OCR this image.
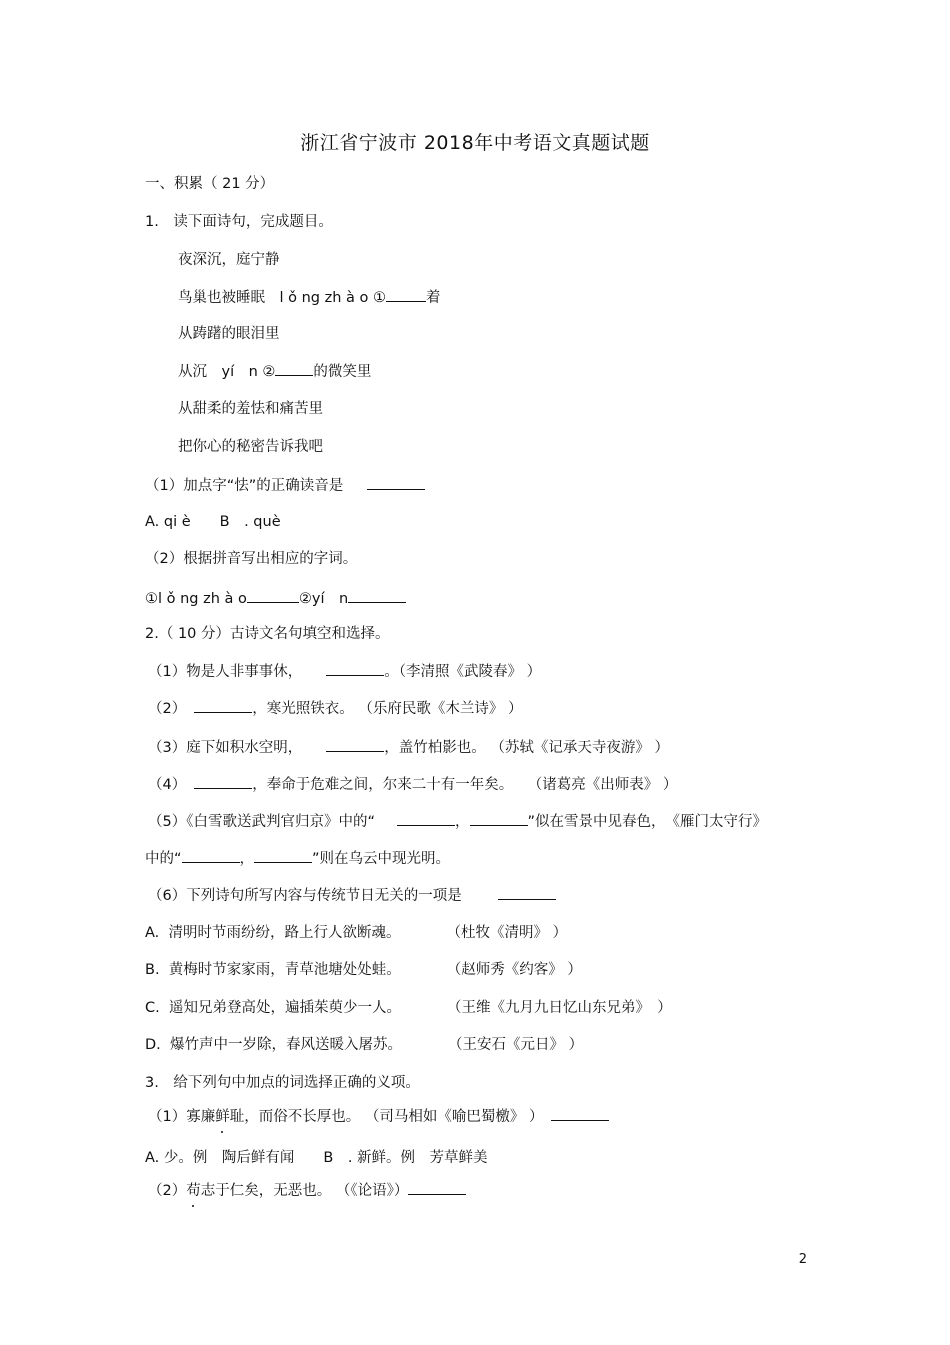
浙江省宁波市 2018年中考语文真题试题
一、积累（ 21 分）
1.　读下面诗句，完成题目。
夜深沉，庭宁静
鸟巢也被睡眠　l ǒ ng zh à o ①	着
从踌躇的眼泪里
从沉　yí　n ②	的微笑里
从甜柔的羞怯和痛苦里
把你心的秘密告诉我吧
（1）加点字“怯”的正确读音是
A. qi è　　B　. què
（2）根据拼音写出相应的字词。
①l ǒ ng zh à o	②yí　n
2.（ 10 分）古诗文名句填空和选择。
（1）物是人非事事休，	。（李清照《武陵春》 ）
（2）	，寒光照铁衣。 （乐府民歌《木兰诗》 ）
（3）庭下如积水空明，	，盖竹柏影也。 （苏轼《记承天寺夜游》 ）
（4）	，奉命于危难之间，尔来二十有一年矣。　　（诸葛亮《出师表》 ）
（5）《白雪歌送武判官归京》中的“	，	”似在雪景中见春色，　《雁门太守行》
中的“	，	”则在乌云中现光明。
（6）下列诗句所写内容与传统节日无关的一项是
A. 清明时节雨纷纷，路上行人欲断魂。	（杜牧《清明》 ）
B. 黄梅时节家家雨，青草池塘处处蛙。	（赵师秀《约客》 ）
C. 遥知兄弟登高处，遍插茱萸少一人。	（王维《九月九日忆山东兄弟》　）
D. 爆竹声中一岁除，春风送暖入屠苏。	（王安石《元日》 ）
3.　给下列句中加点的词选择正确的义项。
（1）寡廉鲜耻，而俗不长厚也。 （司马相如《喻巴蜀檄》 ）
A. 少。例　陶后鲜有闻　　B　. 新鲜。例　芳草鲜美
（2）苟志于仁矣，无恶也。 （《论语》）
2
